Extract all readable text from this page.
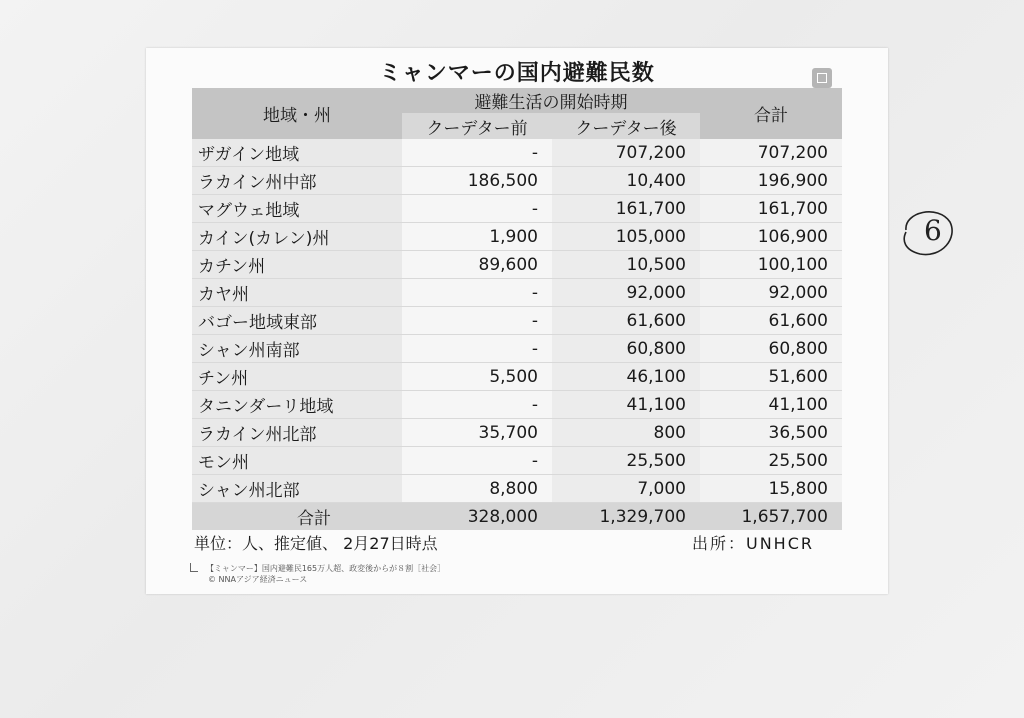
ミャンマーの国内避難民数
地域・州	避難生活の開始時期		合計
	クーデター前	クーデター後	
ザガイン地域	-	707,200	707,200
ラカイン州中部	186,500	10,400	196,900
マグウェ地域	-	161,700	161,700
カイン(カレン)州	1,900	105,000	106,900
カチン州	89,600	10,500	100,100
カヤ州	-	92,000	92,000
バゴー地域東部	-	61,600	61,600
シャン州南部	-	60,800	60,800
チン州	5,500	46,100	51,600
タニンダーリ地域	-	41,100	41,100
ラカイン州北部	35,700	800	36,500
モン州	-	25,500	25,500
シャン州北部	8,800	7,000	15,800
合計	328,000	1,329,700	1,657,700
単位：人、推定値、 2月27日時点	出所：UNHCR
【ミャンマー】国内避難民165万人超、政変後からが８割［社会］
© NNAアジア経済ニュース
6
